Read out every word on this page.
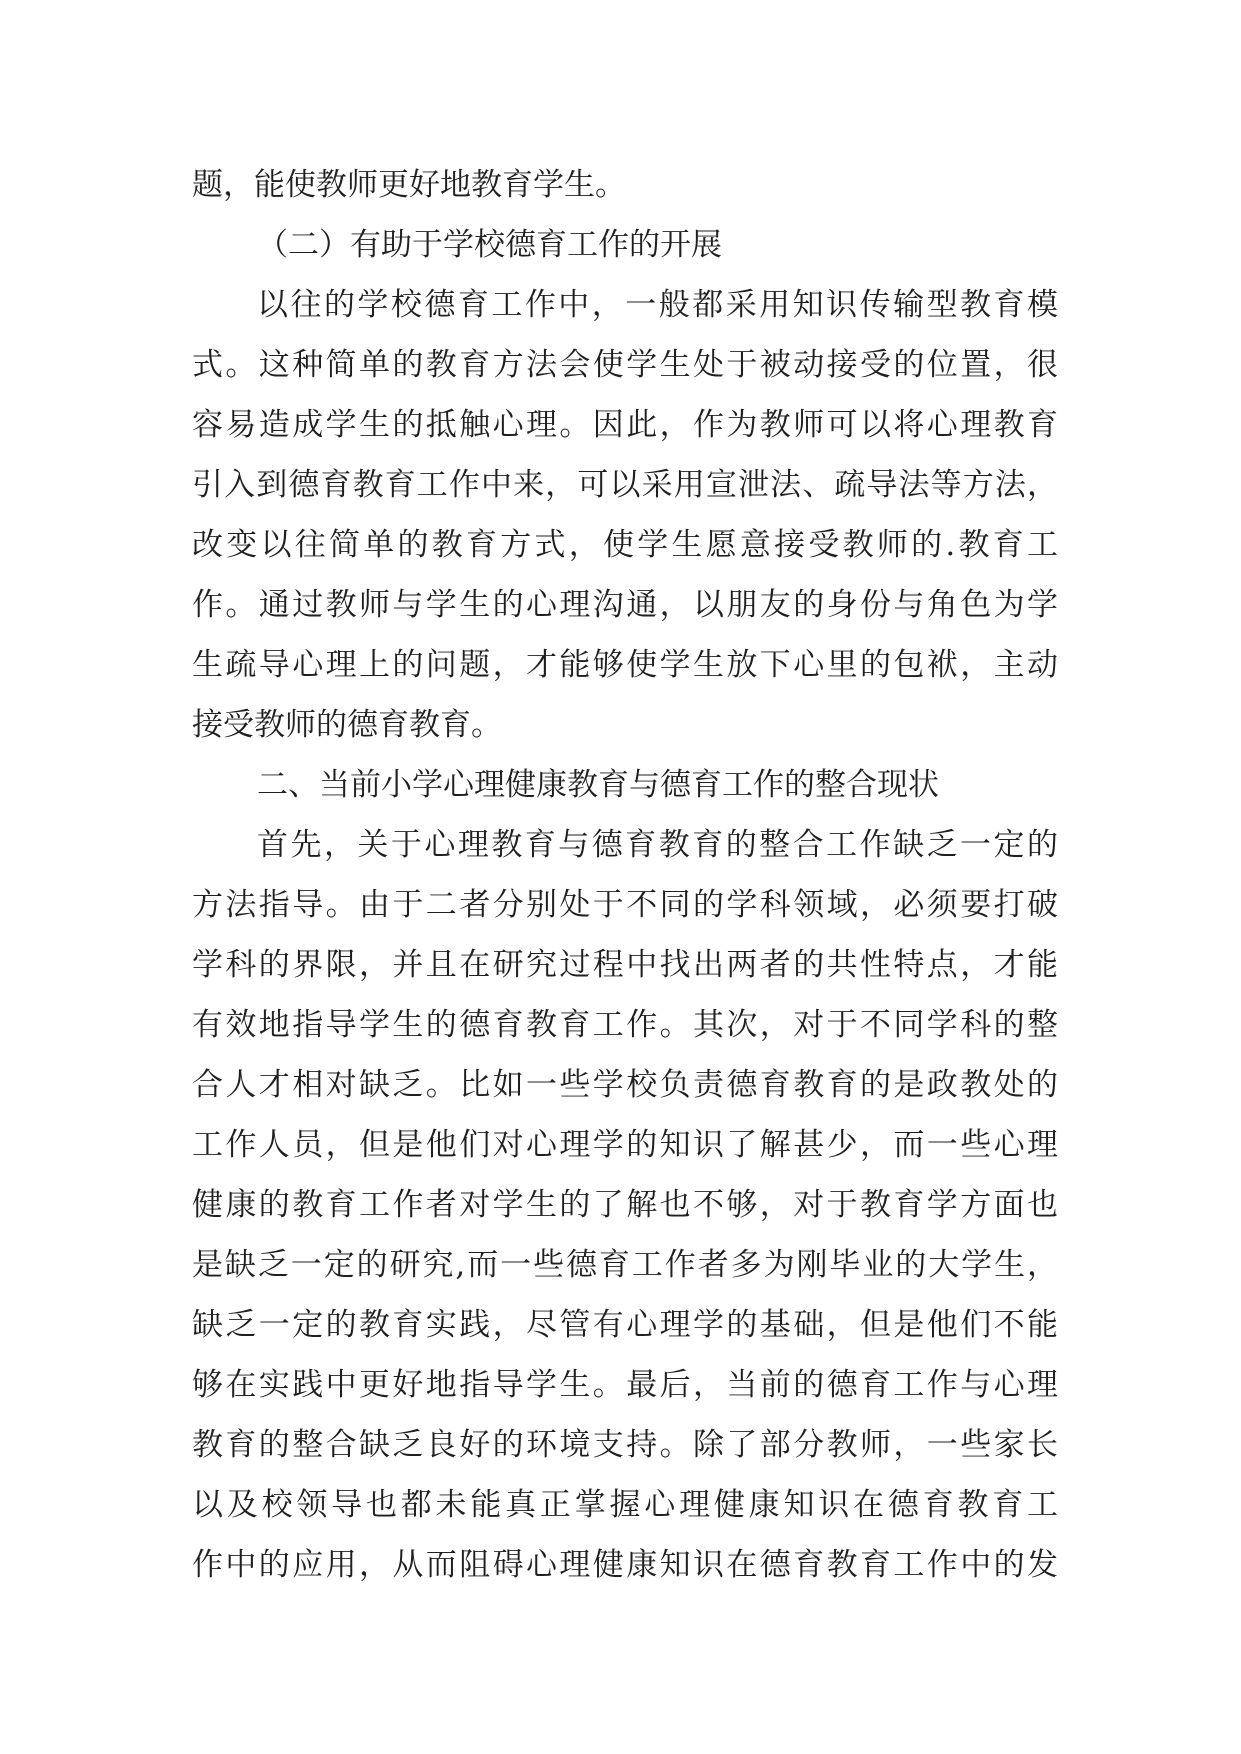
题，能使教师更好地教育学生。
（二）有助于学校德育工作的开展
以往的学校德育工作中，一般都采用知识传输型教育模
式。这种简单的教育方法会使学生处于被动接受的位置，很
容易造成学生的抵触心理。因此，作为教师可以将心理教育
引入到德育教育工作中来，可以采用宣泄法、疏导法等方法，
改变以往简单的教育方式，使学生愿意接受教师的.教育工
作。通过教师与学生的心理沟通，以朋友的身份与角色为学
生疏导心理上的问题，才能够使学生放下心里的包袱，主动
接受教师的德育教育。
二、当前小学心理健康教育与德育工作的整合现状
首先，关于心理教育与德育教育的整合工作缺乏一定的
方法指导。由于二者分别处于不同的学科领域，必须要打破
学科的界限，并且在研究过程中找出两者的共性特点，才能
有效地指导学生的德育教育工作。其次，对于不同学科的整
合人才相对缺乏。比如一些学校负责德育教育的是政教处的
工作人员，但是他们对心理学的知识了解甚少，而一些心理
健康的教育工作者对学生的了解也不够，对于教育学方面也
是缺乏一定的研究,而一些德育工作者多为刚毕业的大学生，
缺乏一定的教育实践，尽管有心理学的基础，但是他们不能
够在实践中更好地指导学生。最后，当前的德育工作与心理
教育的整合缺乏良好的环境支持。除了部分教师，一些家长
以及校领导也都未能真正掌握心理健康知识在德育教育工
作中的应用，从而阻碍心理健康知识在德育教育工作中的发
